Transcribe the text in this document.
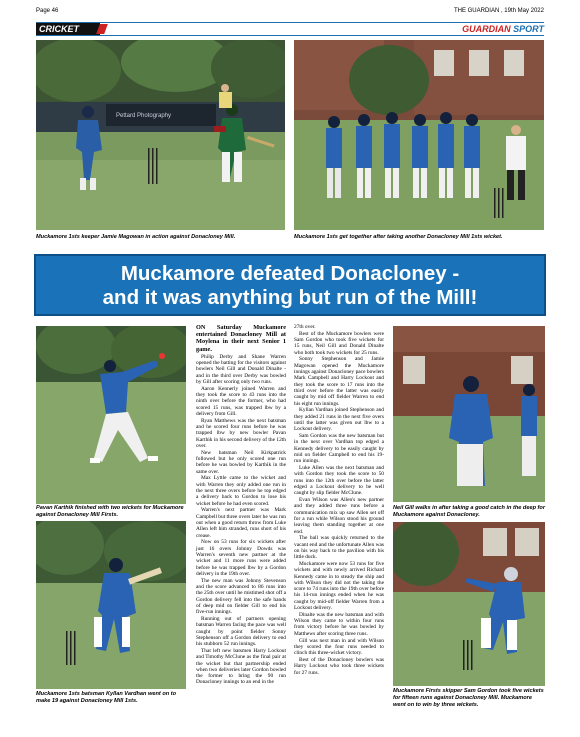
Page 46	THE GUARDIAN , 19th May 2022
CRICKET	GUARDIAN SPORT
Pettard Photography
Muckamore 1sts keeper Jamie Magowan in action against Donacloney Mill.	Muckamore 1sts get together after taking another Donacloney Mill 1sts wicket.
Muckamore defeated Donacloney -
and it was anything but run of the Mill!
Pavan Karthik finished with two wickets for Muckamore against Donacloney Mill Firsts.
Muckamore 1sts batsman Kyllan Vardhan went on to make 19 against Donacloney Mill 1sts.

ON Saturday Muckamore entertained Donacloney Mill at Moylena in their next Senior 1 game.

Philip Derby and Shane Warren opened the batting for the visitors against bowlers Neil Gill and Donald Dinalte - and in the third over Derby was bowled by Gill after scoring only two runs.

Aaron Kennerly joined Warren and they took the score to 43 runs into the ninth over before the former, who had scored 15 runs, was trapped lbw by a delivery from Gill.

Ryan Matthews was the next batsman and he scored four runs before he was trapped lbw by new bowler Pavan Karthik in his second delivery of the 12th over.

New batsman Neil Kirkpatrick followed but he only scored one run before he was bowled by Karthik in the same over.

Max Lyttle came to the wicket and with Warren they only added one run in the next three overs before he top edged a delivery back to Gordon to lose his wicket before he had even scored.

Warren's next partner was Mark Campbell but three overs later he was run out when a good return throw from Luke Allen left him stranded, runs short of his crease.

Now on 53 runs for six wickets after just 16 overs Johnny Dowds was Warren's seventh new partner at the wicket and 11 more runs were added before he was trapped lbw by a Gordon delivery in the 19th over.

The new man was Johnny Stevenson and the score advanced to 86 runs into the 25th over until he mistimed shot off a Gordon delivery fell into the safe hands of deep mid on fielder Gill to end his five-run innings.

Running out of partners opening batsman Warren facing the pace was well caught by point fielder Sonny Stephenson off a Gordon delivery to end his stubborn 52 run innings.

That left new batsmen Harry Lockout and Timothy McClune as the final pair at the wicket but that partnership ended when two deliveries later Gordon bowled the former to bring the 90 run Donacloney innings to an end in the

27th over.

Best of the Muckamore bowlers were Sam Gordon who took five wickets for 15 runs, Neil Gill and Donald Dinalte who both took two wickets for 25 runs.

Sonny Stephenson and Jamie Magowan opened the Muckamore innings against Donacloney pace bowlers Mark Campbell and Harry Lockout and they took the score to 17 runs into the third over before the latter was easily caught by mid off fielder Warren to end his eight run innings.

Kyllan Vardhan joined Stephenson and they added 21 runs in the next five overs until the latter was given out lbw to a Lockout delivery.

Sam Gordon was the new batsman but in the next over Vardhan top edged a Kennedy delivery to be easily caught by mid on fielder Campbell to end his 19-run innings.

Luke Allen was the next batsman and with Gordon they took the score to 50 runs into the 12th over before the latter edged a Lockout delivery to be well caught by slip fielder McClune.

Evan Wilson was Allen's new partner and they added three runs before a communication mix up saw Allen set off for a run while Wilson stood his ground leaving them standing together at one end.

The ball was quickly returned to the vacant end and the unfortunate Allen was on his way back to the pavilion with his little duck.

Muckamore were now 53 runs for five wickets and with newly arrived Richard Kennedy came in to steady the ship and with Wilson they did not the taking the score to 74 runs into the 19th over before his 14-run innings ended when he was caught by mid-off fielder Warren from a Lockout delivery.

Dinalte was the new batsman and with Wilson they came to within four runs from victory before he was bowled by Matthews after scoring three runs.

Gill was next man in and with Wilson they scored the four runs needed to clinch this three-wicket victory.

Best of the Donacloney bowlers was Harry Lockout who took three wickets for 27 runs.

Neil Gill walks in after taking a good catch in the deep for Muckamore against Donacloney.
Muckamore Firsts skipper Sam Gordon took five wickets for fifteen runs against Donacloney Mill. Muckamore went on to win by three wickets.
